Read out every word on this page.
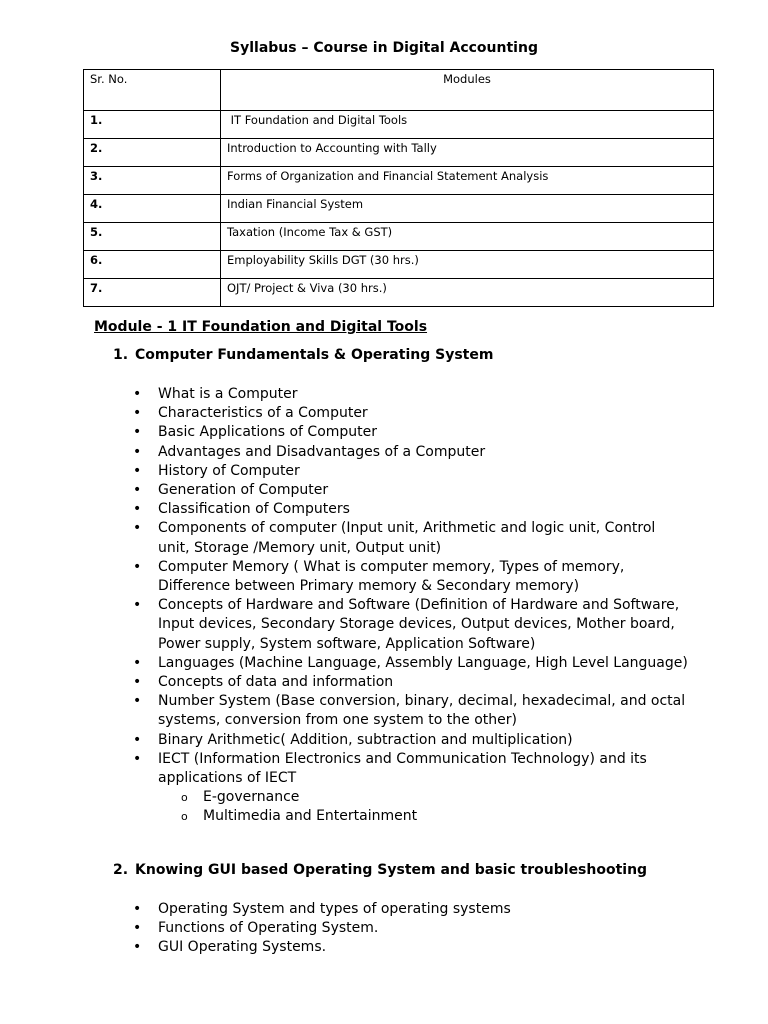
Syllabus – Course in Digital Accounting
Sr. No.	Modules
1.	IT Foundation and Digital Tools
2.	Introduction to Accounting with Tally
3.	Forms of Organization and Financial Statement Analysis
4.	Indian Financial System
5.	Taxation (Income Tax & GST)
6.	Employability Skills DGT (30 hrs.)
7.	OJT/ Project & Viva (30 hrs.)
Module - 1 IT Foundation and Digital Tools
1. Computer Fundamentals & Operating System
• What is a Computer
• Characteristics of a Computer
• Basic Applications of Computer
• Advantages and Disadvantages of a Computer
• History of Computer
• Generation of Computer
• Classification of Computers
• Components of computer (Input unit, Arithmetic and logic unit, Control unit, Storage /Memory unit, Output unit)
• Computer Memory ( What is computer memory, Types of memory, Difference between Primary memory & Secondary memory)
• Concepts of Hardware and Software (Definition of Hardware and Software, Input devices, Secondary Storage devices, Output devices, Mother board, Power supply, System software, Application Software)
• Languages (Machine Language, Assembly Language, High Level Language)
• Concepts of data and information
• Number System (Base conversion, binary, decimal, hexadecimal, and octal systems, conversion from one system to the other)
• Binary Arithmetic( Addition, subtraction and multiplication)
• IECT (Information Electronics and Communication Technology) and its applications of IECT
o E-governance
o Multimedia and Entertainment
2. Knowing GUI based Operating System and basic troubleshooting
• Operating System and types of operating systems
• Functions of Operating System.
• GUI Operating Systems.
